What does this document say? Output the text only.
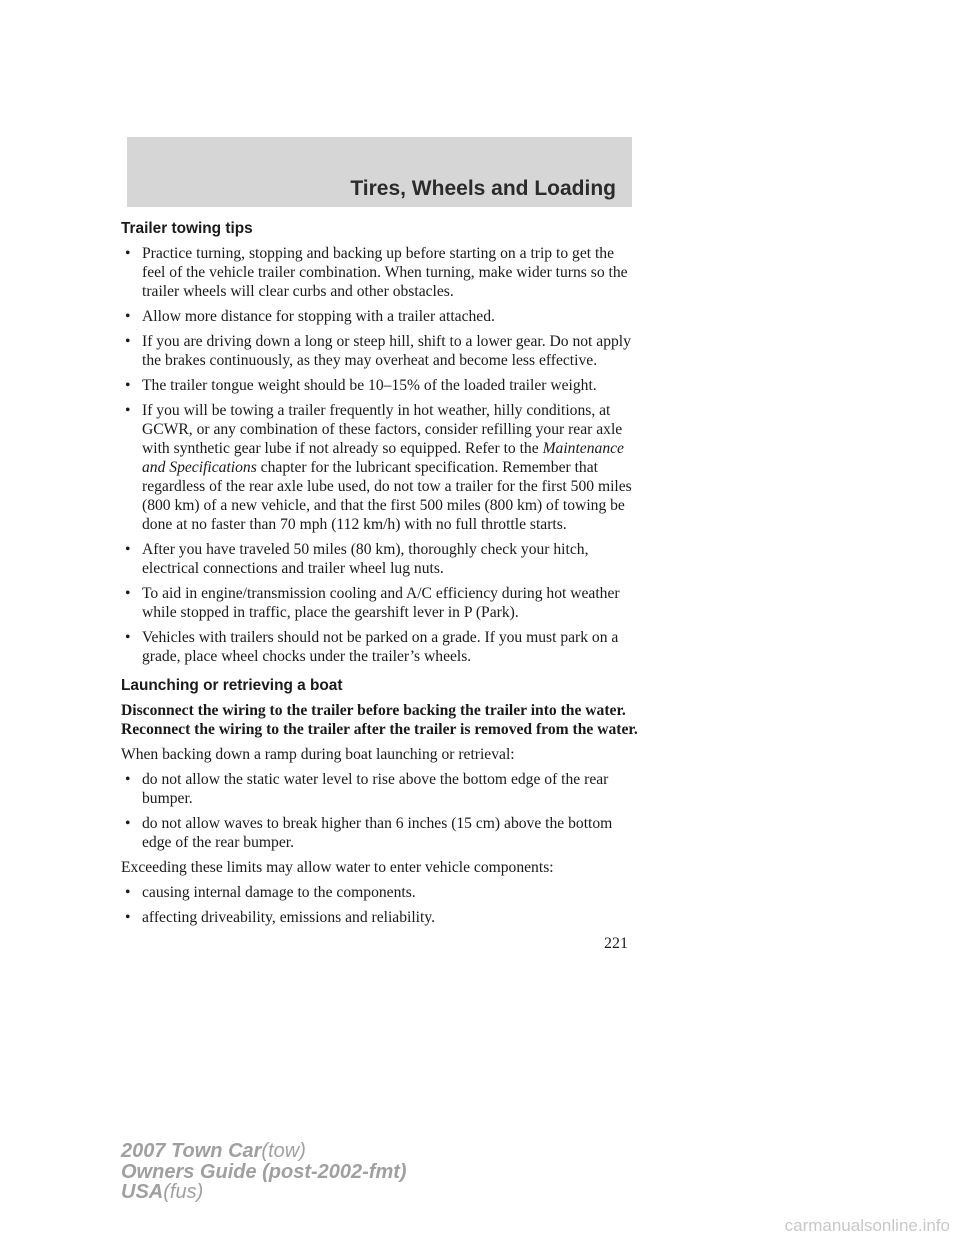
Tires, Wheels and Loading
Trailer towing tips
• Practice turning, stopping and backing up before starting on a trip to get the feel of the vehicle trailer combination. When turning, make wider turns so the trailer wheels will clear curbs and other obstacles.
• Allow more distance for stopping with a trailer attached.
• If you are driving down a long or steep hill, shift to a lower gear. Do not apply the brakes continuously, as they may overheat and become less effective.
• The trailer tongue weight should be 10–15% of the loaded trailer weight.
• If you will be towing a trailer frequently in hot weather, hilly conditions, at GCWR, or any combination of these factors, consider refilling your rear axle with synthetic gear lube if not already so equipped. Refer to the Maintenance and Specifications chapter for the lubricant specification. Remember that regardless of the rear axle lube used, do not tow a trailer for the first 500 miles (800 km) of a new vehicle, and that the first 500 miles (800 km) of towing be done at no faster than 70 mph (112 km/h) with no full throttle starts.
• After you have traveled 50 miles (80 km), thoroughly check your hitch, electrical connections and trailer wheel lug nuts.
• To aid in engine/transmission cooling and A/C efficiency during hot weather while stopped in traffic, place the gearshift lever in P (Park).
• Vehicles with trailers should not be parked on a grade. If you must park on a grade, place wheel chocks under the trailer’s wheels.
Launching or retrieving a boat

Disconnect the wiring to the trailer before backing the trailer into the water. Reconnect the wiring to the trailer after the trailer is removed from the water.

When backing down a ramp during boat launching or retrieval:

• do not allow the static water level to rise above the bottom edge of the rear bumper.
• do not allow waves to break higher than 6 inches (15 cm) above the bottom edge of the rear bumper.

Exceeding these limits may allow water to enter vehicle components:

• causing internal damage to the components.
• affecting driveability, emissions and reliability.
221
2007 Town Car(tow)
Owners Guide (post-2002-fmt)
USA(fus)
carmanualsonline.info
